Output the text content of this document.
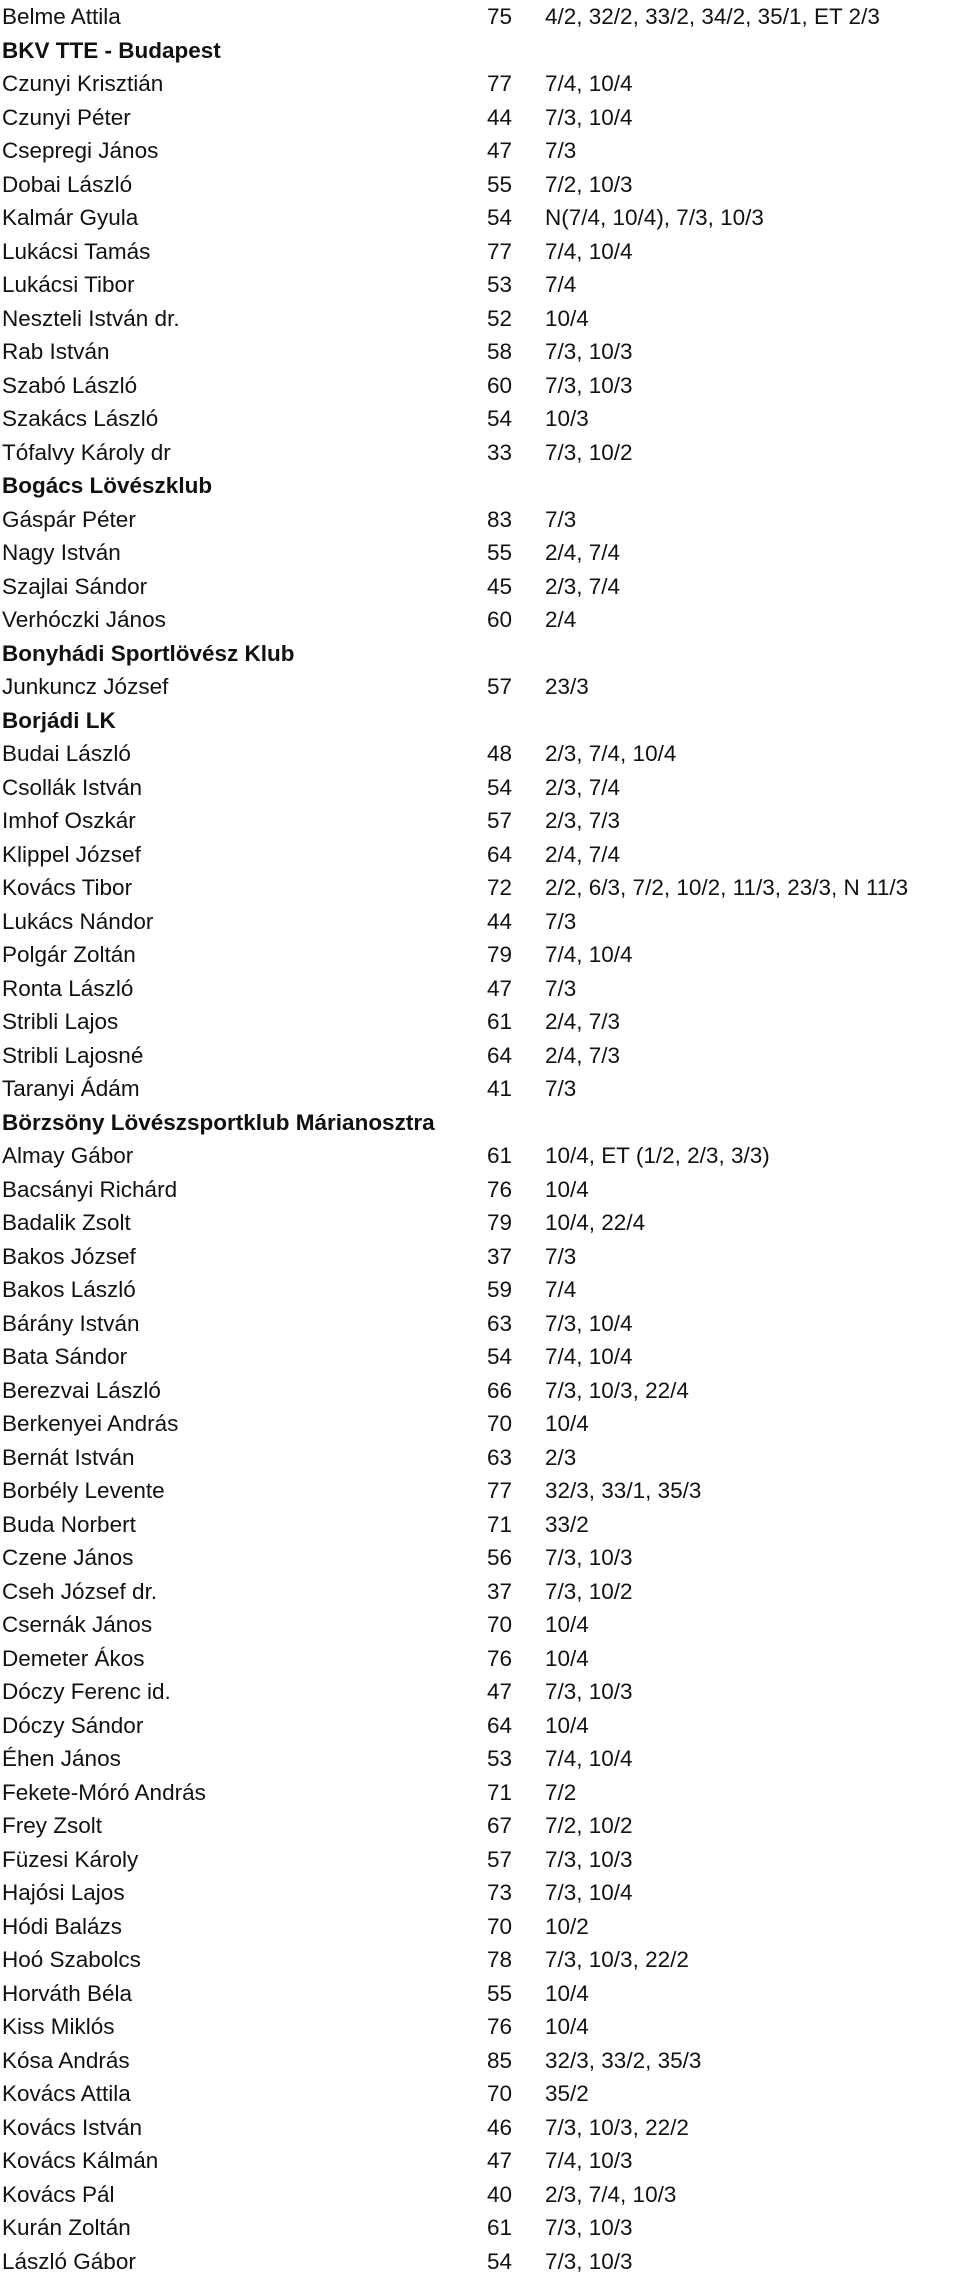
Belme Attila	75 4/2, 32/2, 33/2, 34/2, 35/1, ET 2/3
BKV TTE - Budapest
Czunyi Krisztián	77 7/4, 10/4
Czunyi Péter	44 7/3, 10/4
Csepregi János	47 7/3
Dobai László	55 7/2, 10/3
Kalmár Gyula	54 N(7/4, 10/4), 7/3, 10/3
Lukácsi Tamás	77 7/4, 10/4
Lukácsi Tibor	53 7/4
Neszteli István dr.	52 10/4
Rab István	58 7/3, 10/3
Szabó László	60 7/3, 10/3
Szakács László	54 10/3
Tófalvy Károly dr	33 7/3, 10/2
Bogács Lövészklub
Gáspár Péter	83 7/3
Nagy István	55 2/4, 7/4
Szajlai Sándor	45 2/3, 7/4
Verhóczki János	60 2/4
Bonyhádi Sportlövész Klub
Junkuncz József	57 23/3
Borjádi LK
Budai László	48 2/3, 7/4, 10/4
Csollák István	54 2/3, 7/4
Imhof Oszkár	57 2/3, 7/3
Klippel József	64 2/4, 7/4
Kovács Tibor	72 2/2, 6/3, 7/2, 10/2, 11/3, 23/3, N 11/3
Lukács Nándor	44 7/3
Polgár Zoltán	79 7/4, 10/4
Ronta László	47 7/3
Stribli Lajos	61 2/4, 7/3
Stribli Lajosné	64 2/4, 7/3
Taranyi Ádám	41 7/3
Börzsöny Lövészsportklub Márianosztra
Almay Gábor	61 10/4, ET (1/2, 2/3, 3/3)
Bacsányi Richárd	76 10/4
Badalik Zsolt	79 10/4, 22/4
Bakos József	37 7/3
Bakos László	59 7/4
Bárány István	63 7/3, 10/4
Bata Sándor	54 7/4, 10/4
Berezvai László	66 7/3, 10/3, 22/4
Berkenyei András	70 10/4
Bernát István	63 2/3
Borbély Levente	77 32/3, 33/1, 35/3
Buda Norbert	71 33/2
Czene János	56 7/3, 10/3
Cseh József dr.	37 7/3, 10/2
Csernák János	70 10/4
Demeter Ákos	76 10/4
Dóczy Ferenc id.	47 7/3, 10/3
Dóczy Sándor	64 10/4
Éhen János	53 7/4, 10/4
Fekete-Móró András	71 7/2
Frey Zsolt	67 7/2, 10/2
Füzesi Károly	57 7/3, 10/3
Hajósi Lajos	73 7/3, 10/4
Hódi Balázs	70 10/2
Hoó Szabolcs	78 7/3, 10/3, 22/2
Horváth Béla	55 10/4
Kiss Miklós	76 10/4
Kósa András	85 32/3, 33/2, 35/3
Kovács Attila	70 35/2
Kovács István	46 7/3, 10/3, 22/2
Kovács Kálmán	47 7/4, 10/3
Kovács Pál	40 2/3, 7/4, 10/3
Kurán Zoltán	61 7/3, 10/3
László Gábor	54 7/3, 10/3
